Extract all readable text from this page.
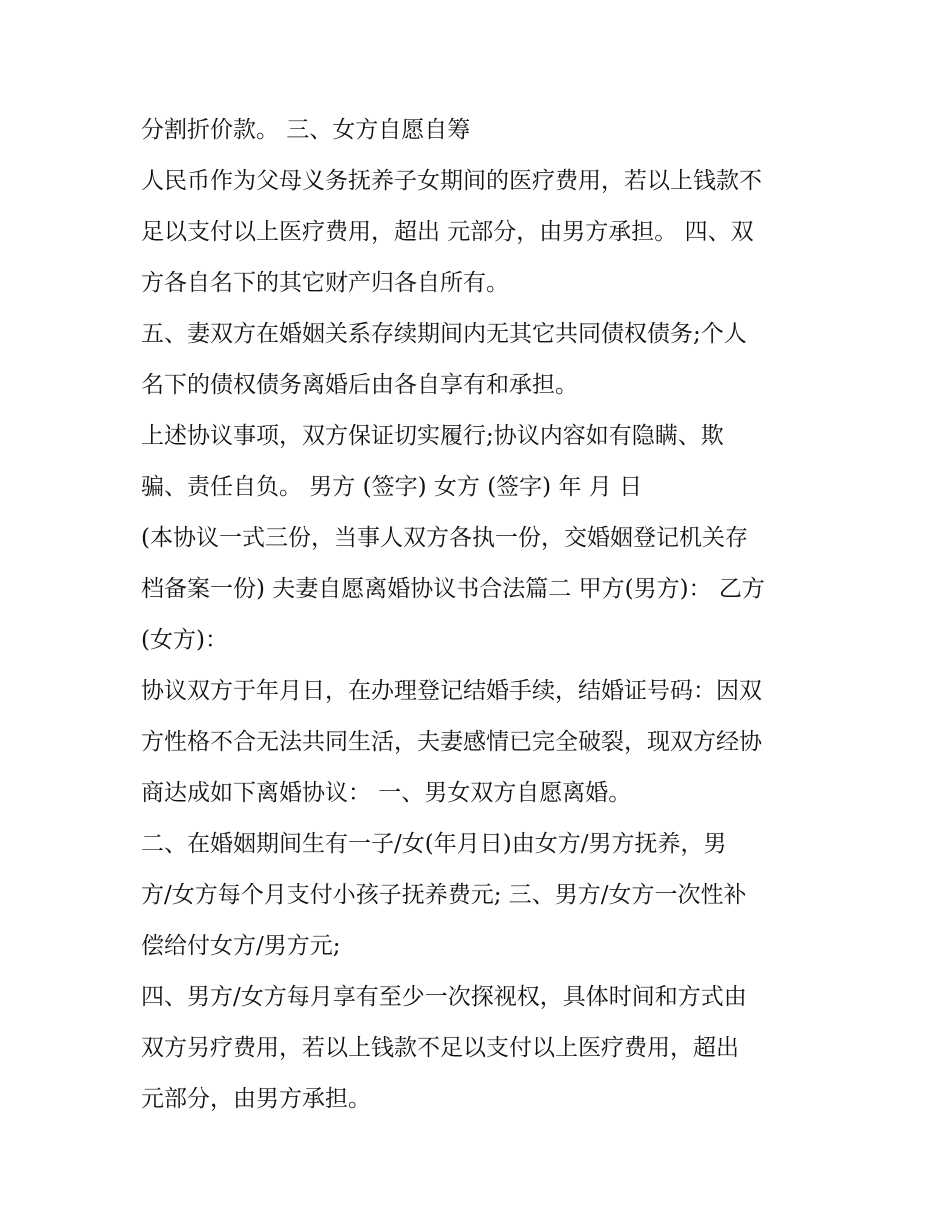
分割折价款。 三、女方自愿自筹
人民币作为父母义务抚养子女期间的医疗费用，若以上钱款不
足以支付以上医疗费用，超出 元部分，由男方承担。 四、双
方各自名下的其它财产归各自所有。
五、妻双方在婚姻关系存续期间内无其它共同债权债务;个人
名下的债权债务离婚后由各自享有和承担。
上述协议事项，双方保证切实履行;协议内容如有隐瞒、欺
骗、责任自负。 男方 (签字) 女方 (签字) 年 月 日
(本协议一式三份，当事人双方各执一份，交婚姻登记机关存
档备案一份) 夫妻自愿离婚协议书合法篇二 甲方(男方)： 乙方
(女方)：
协议双方于年月日，在办理登记结婚手续，结婚证号码：因双
方性格不合无法共同生活，夫妻感情已完全破裂，现双方经协
商达成如下离婚协议： 一、男女双方自愿离婚。
二、在婚姻期间生有一子/女(年月日)由女方/男方抚养，男
方/女方每个月支付小孩子抚养费元; 三、男方/女方一次性补
偿给付女方/男方元;
四、男方/女方每月享有至少一次探视权，具体时间和方式由
双方另疗费用，若以上钱款不足以支付以上医疗费用，超出
元部分，由男方承担。
